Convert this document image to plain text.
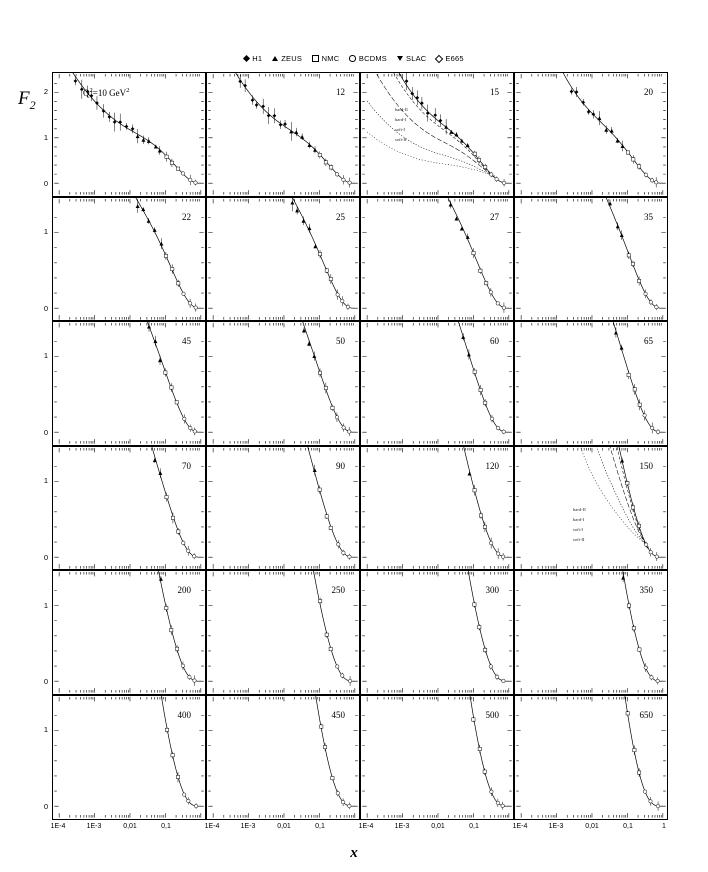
H1	ZEUS	NMC	BCDMS	SLAC	E665
$F_2$
x
$Q^2=10$ GeV$^2$	12	15
hard-II
hard-I
soft-I
soft-II
20
22	25	27	35
45	50	60	65
70	90	120	150
hard-II
hard-I
soft-I
soft-II
200	250	300	350
400	450	500	650
2
1
0
1
0
1
0
1
0
1
0
1
0
1E-4	1E-3	0,01	0,1	1E-4	1E-3	0,01	0,1	1E-4	1E-3	0,01	0,1	1E-4	1E-3	0,01	0,1	1
